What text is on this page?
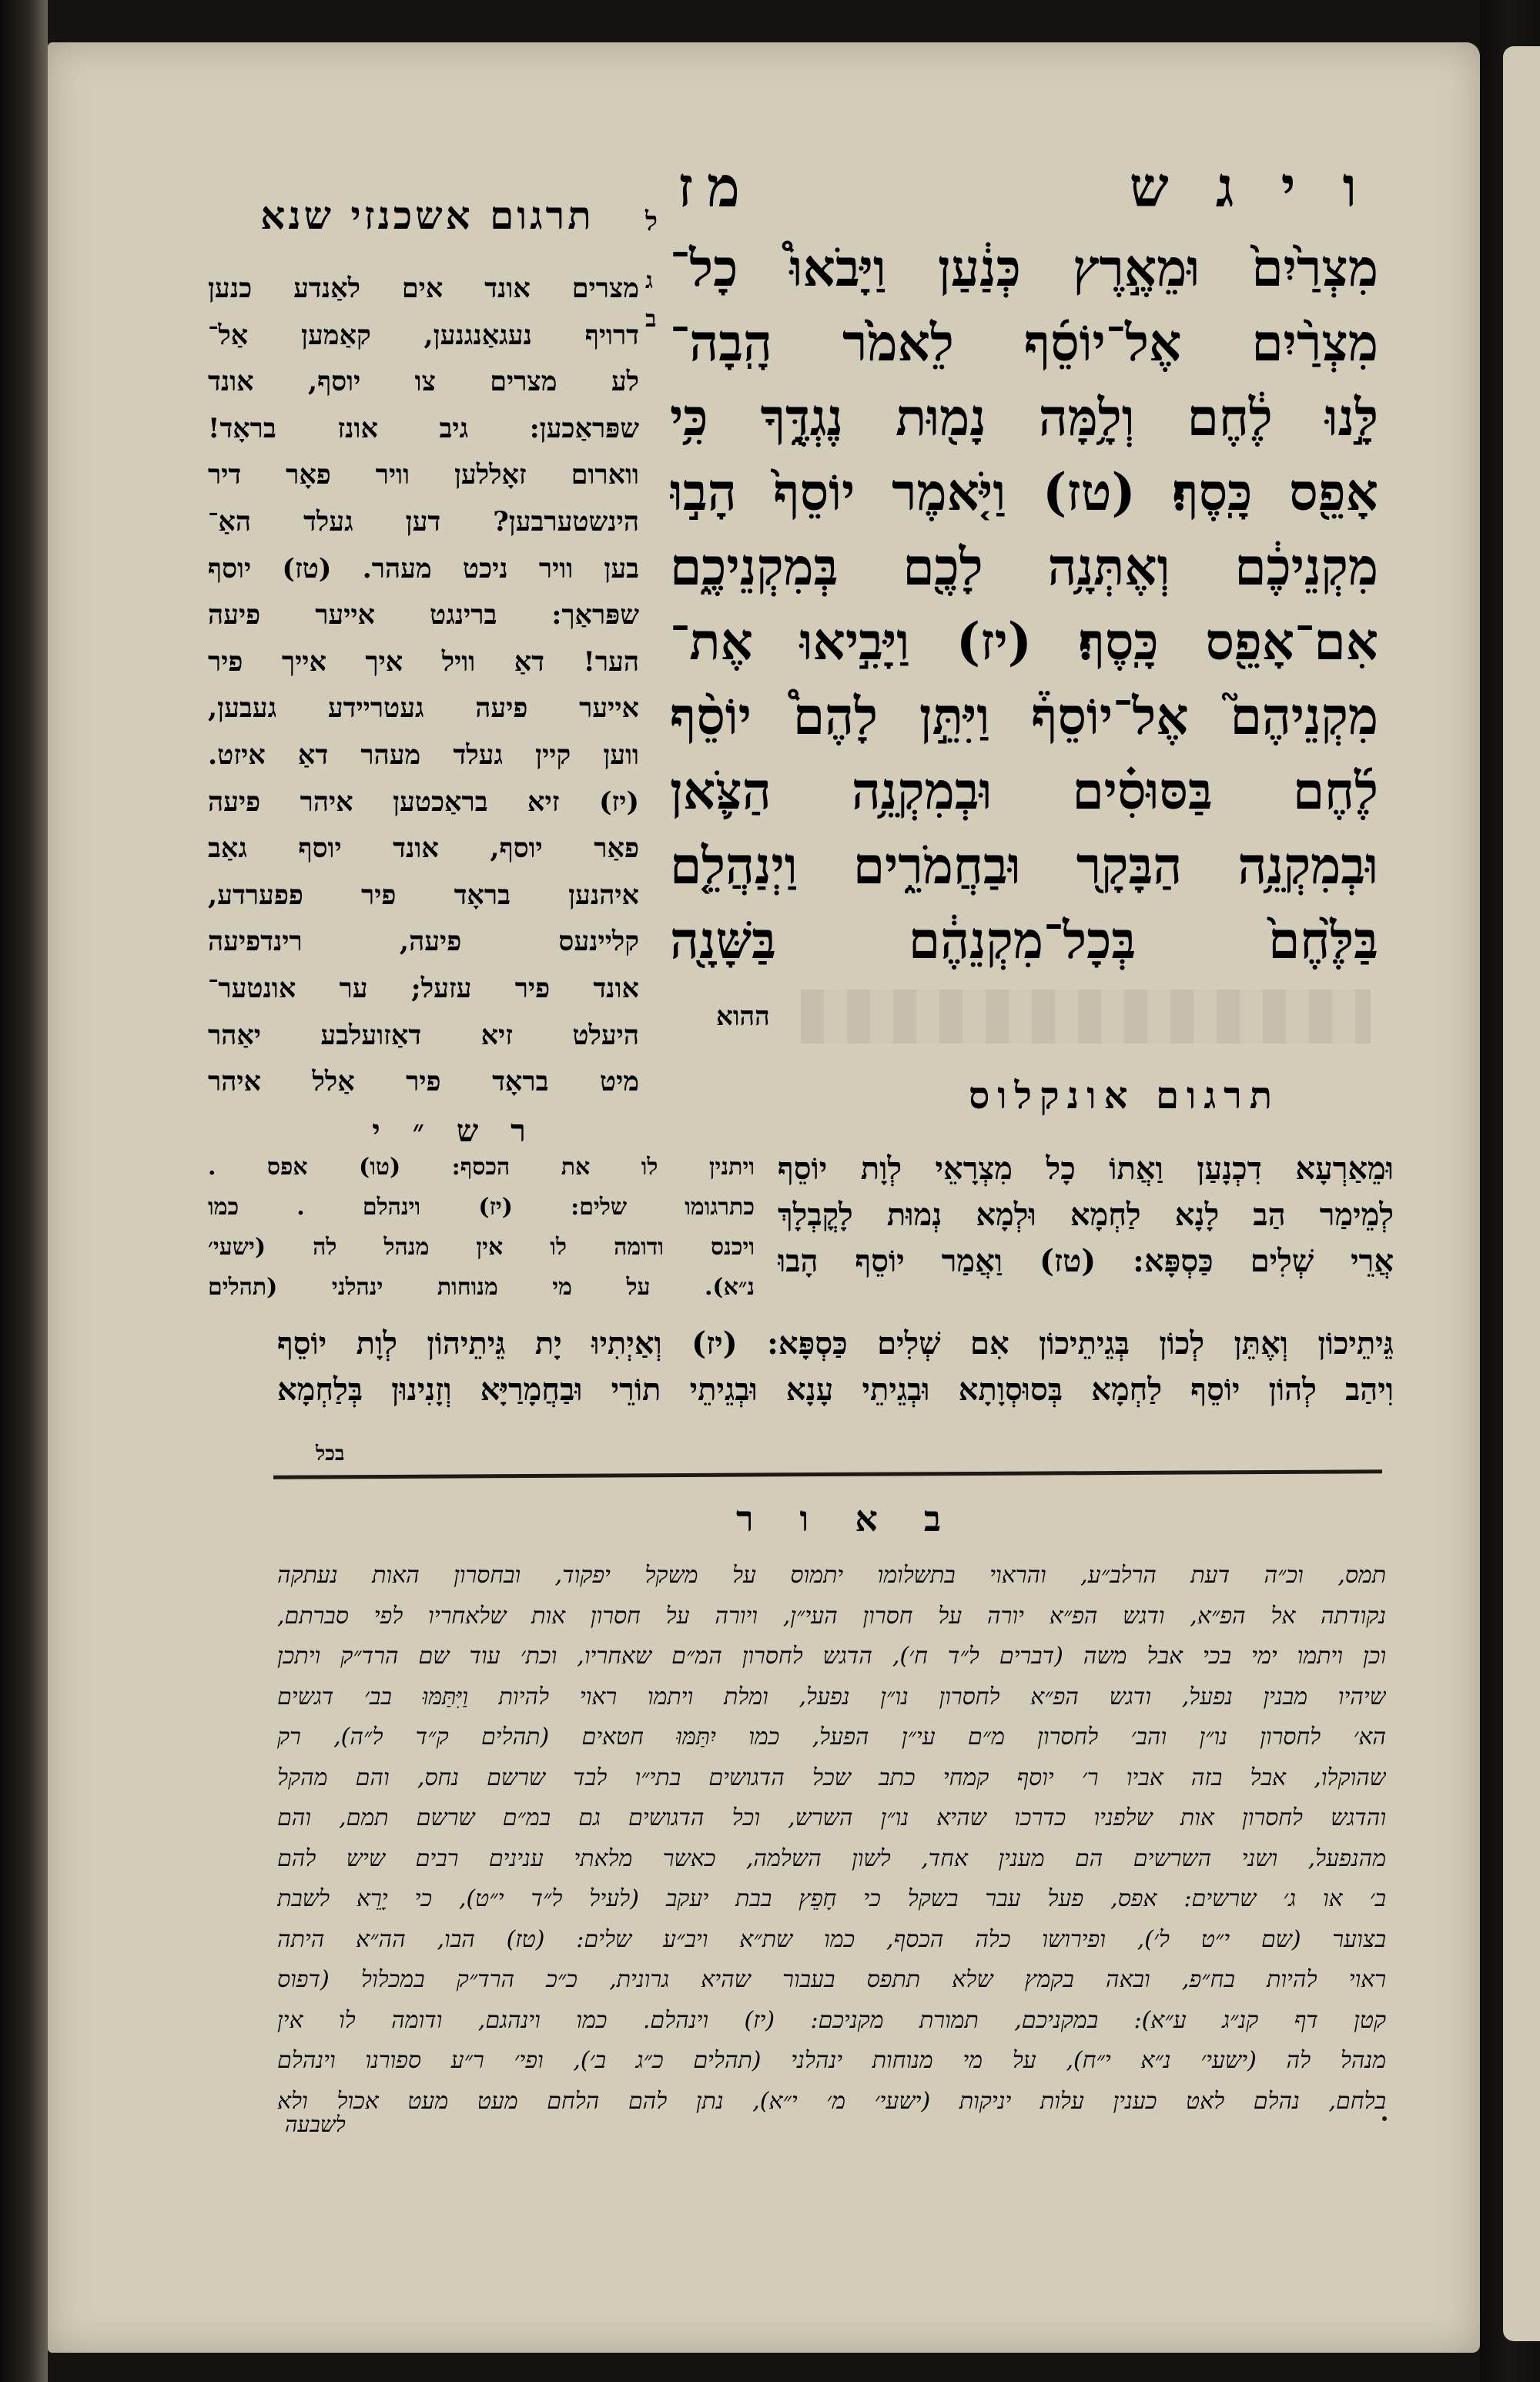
ו י ג ש
מז
תרגום אשכנזי שנא	ל
ג
ב
מִצְרַ֙יִם֙ וּמֵאֶ֣רֶץ כְּנַ֔עַן וַיָּבֹאוּ֩ כָל־
מִצְרַ֨יִם אֶל־יוֹסֵ֜ף לֵאמֹ֙ר הָֽבָה־
לָּ֣נוּ לֶ֔חֶם וְלָ֥מָּה נָמ֖וּת נֶגְדֶּ֑ךָ כִּ֥י
אָפֵ֖ס כָּֽסֶף׃ (טז) וַיֹּ֤אמֶר יוֹסֵף֙ הָב֣וּ
מִקְנֵיכֶ֔ם וְאֶתְּנָ֥ה לָכֶ֖ם בְּמִקְנֵיכֶ֑ם
אִם־אָפֵ֖ס כָּֽסֶף׃ (יז) וַיָּבִ֣יאוּ אֶת־
מִקְנֵיהֶם֮ אֶל־יוֹסֵף֒ וַיִּתֵּ֣ן לָהֶם֩ יוֹסֵ֨ף
לֶ֜חֶם בַּסּוּסִ֗ים וּבְמִקְנֵ֥ה הַצֹּ֛אן
וּבְמִקְנֵ֥ה הַבָּקָ֖ר וּבַחֲמֹרִ֑ים וַיְנַהֲלֵ֤ם
בַּלֶּ֙חֶם֙ בְּכָל־מִקְנֵהֶ֔ם בַּשָּׁנָ֖ה
ההוא
מצרים אונד אים לאַנדע כנען
דרויף נעגאַנגנען, קאַמען אַל־
לע מצרים צו יוסף, אונד
שפּראַכען: גיב אונז בראָד!
ווארום זאָללען וויר פאָר דיר
הינשטערבען? דען געלד האַ־
בען וויר ניכט מעהר. (טז) יוסף
שפּראַך: ברינגט אייער פיעה
הער! דאַ וויל איך אייך פיר
אייער פיעה געטריידע געבען,
ווען קיין געלד מעהר דאַ איזט.
(יז) זיא בראַכטען איהר פיעה
פאַר יוסף, אונד יוסף גאַב
איהנען בראָד פיר פפערדע,
קליינעס פיעה, רינדפיעה
אונד פיר עזעל; ער אונטער־
היעלט זיא דאַזועלבע יאַהר
מיט בראָד פיר אַלל איהר	תרגום אונקלוס
ר ש ״ י
ויתנין לו את הכסף: (טו) אפס .
כתרגומו שלים: (יז) וינהלם . כמו
ויכנס ודומה לו אין מנהל לה (ישעי׳
נ״א). על מי מנוחות ינהלני (תהלים
וּמֵאַרְעָא דִכְנָעַן וַאֲתוֹ כָל מִצְרָאֵי לְוָת יוֹסֵף
לְמֵימַר הַב לָנָא לַחְמָא וּלְמָא נְמוּת לָקֳבְלָךְ
אֲרֵי שְׁלִים כַּסְפָּא: (טז) וַאֲמַר יוֹסֵף הָבוּ
גֵּיתֵיכוֹן וְאֶתֵּן לְכוֹן בְּגֵיתֵיכוֹן אִם שְׁלִים כַּסְפָּא: (יז) וְאַיְתִיוּ יָת גֵּיתֵיהוֹן לְוָת יוֹסֵף
וִיהַב לְהוֹן יוֹסֵף לַחְמָא בְּסוּסְוָתָא וּבְגֵיתֵי עָנָא וּבְגֵיתֵי תוֹרֵי וּבַחֲמָרַיָּא וְזָנִינוּן בְּלַחְמָא
בכל
ב א ו ר
תמס, וכ״ה דעת הרלב״ע, והראוי בתשלומו יתמוס על משקל יפקוד, ובחסרון האות נעתקה
נקודתה אל הפ״א, ודגש הפ״א יורה על חסרון העי״ן, ויורה על חסרון אות שלאחריו לפי סברתם,
וכן ויתמו ימי בכי אבל משה (דברים ל״ד ח׳), הדגש לחסרון המ״ם שאחריו, וכת׳ עוד שם הרד״ק ויתכן
שיהיו מבנין נפעל, ודגש הפ״א לחסרון נו״ן נפעל, ומלת ויתמו ראוי להיות וַיִּתַּמּוּ בב׳ דגשים
הא׳ לחסרון נו״ן והב׳ לחסרון מ״ם עי״ן הפעל, כמו יִתַּמּוּ חטאים (תהלים ק״ד ל״ה), רק
שהוקלו, אבל בזה אביו ר׳ יוסף קמחי כתב שכל הדגושים בתי״ו לבד שרשם נחס, והם מהקל
והדגש לחסרון אות שלפניו כדרכו שהיא נו״ן השרש, וכל הדגושים גם במ״ם שרשם תמם, והם
מהנפעל, ושני השרשים הם מענין אחד, לשון השלמה, כאשר מלאתי ענינים רבים שיש להם
ב׳ או ג׳ שרשים: אפס, פעל עבר בשקל כי חָפֵץ בבת יעקב (לעיל ל״ד י״ט), כי יָרֵא לשבת
בצוער (שם י״ט ל׳), ופירושו כלה הכסף, כמו שת״א ויב״ע שלים: (טז) הבו, הה״א היתה
ראוי להיות בח״פ, ובאה בקמץ שלא תתפס בעבור שהיא גרונית, כ״כ הרד״ק במכלול (דפוס
קטן דף קנ״ג ע״א): במקניכם, תמורת מקניכם: (יז) וינהלם. כמו וינהגם, ודומה לו אין
מנהל לה (ישעי׳ נ״א י״ח), על מי מנוחות ינהלני (תהלים כ״ג ב׳), ופי׳ ר״ע ספורנו וינהלם
בלחם, נהלם לאט כענין עלות יניקות (ישעי׳ מ׳ י״א), נתן להם הלחם מעט מעט אכול ולא
לשבעה
